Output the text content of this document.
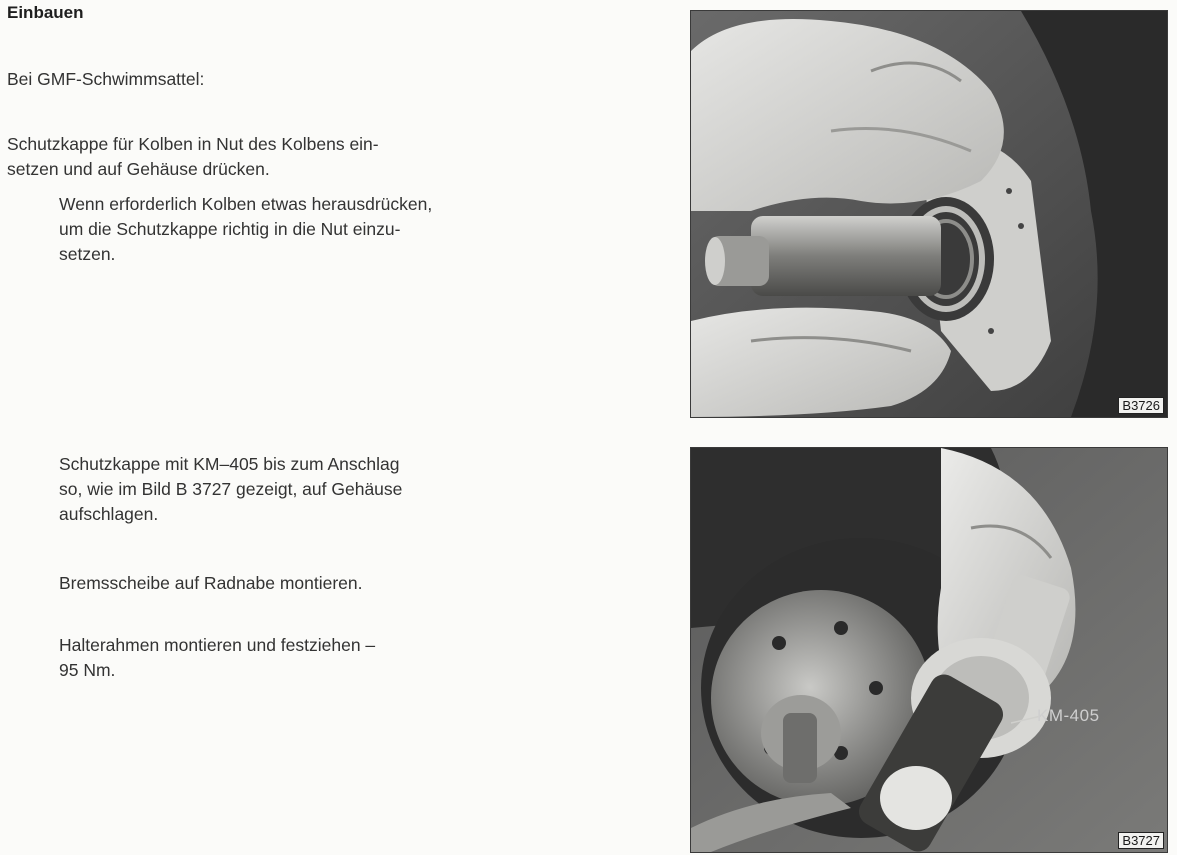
Einbauen

Bei GMF-Schwimmsattel:

Schutzkappe für Kolben in Nut des Kolbens ein-
setzen und auf Gehäuse drücken.

Wenn erforderlich Kolben etwas herausdrücken,
um die Schutzkappe richtig in die Nut einzu-
setzen.

Schutzkappe mit KM–405 bis zum Anschlag
so, wie im Bild B 3727 gezeigt, auf Gehäuse
aufschlagen.

Bremsscheibe auf Radnabe montieren.

Halterahmen montieren und festziehen –
95 Nm.

B3726
KM-405
B3727
